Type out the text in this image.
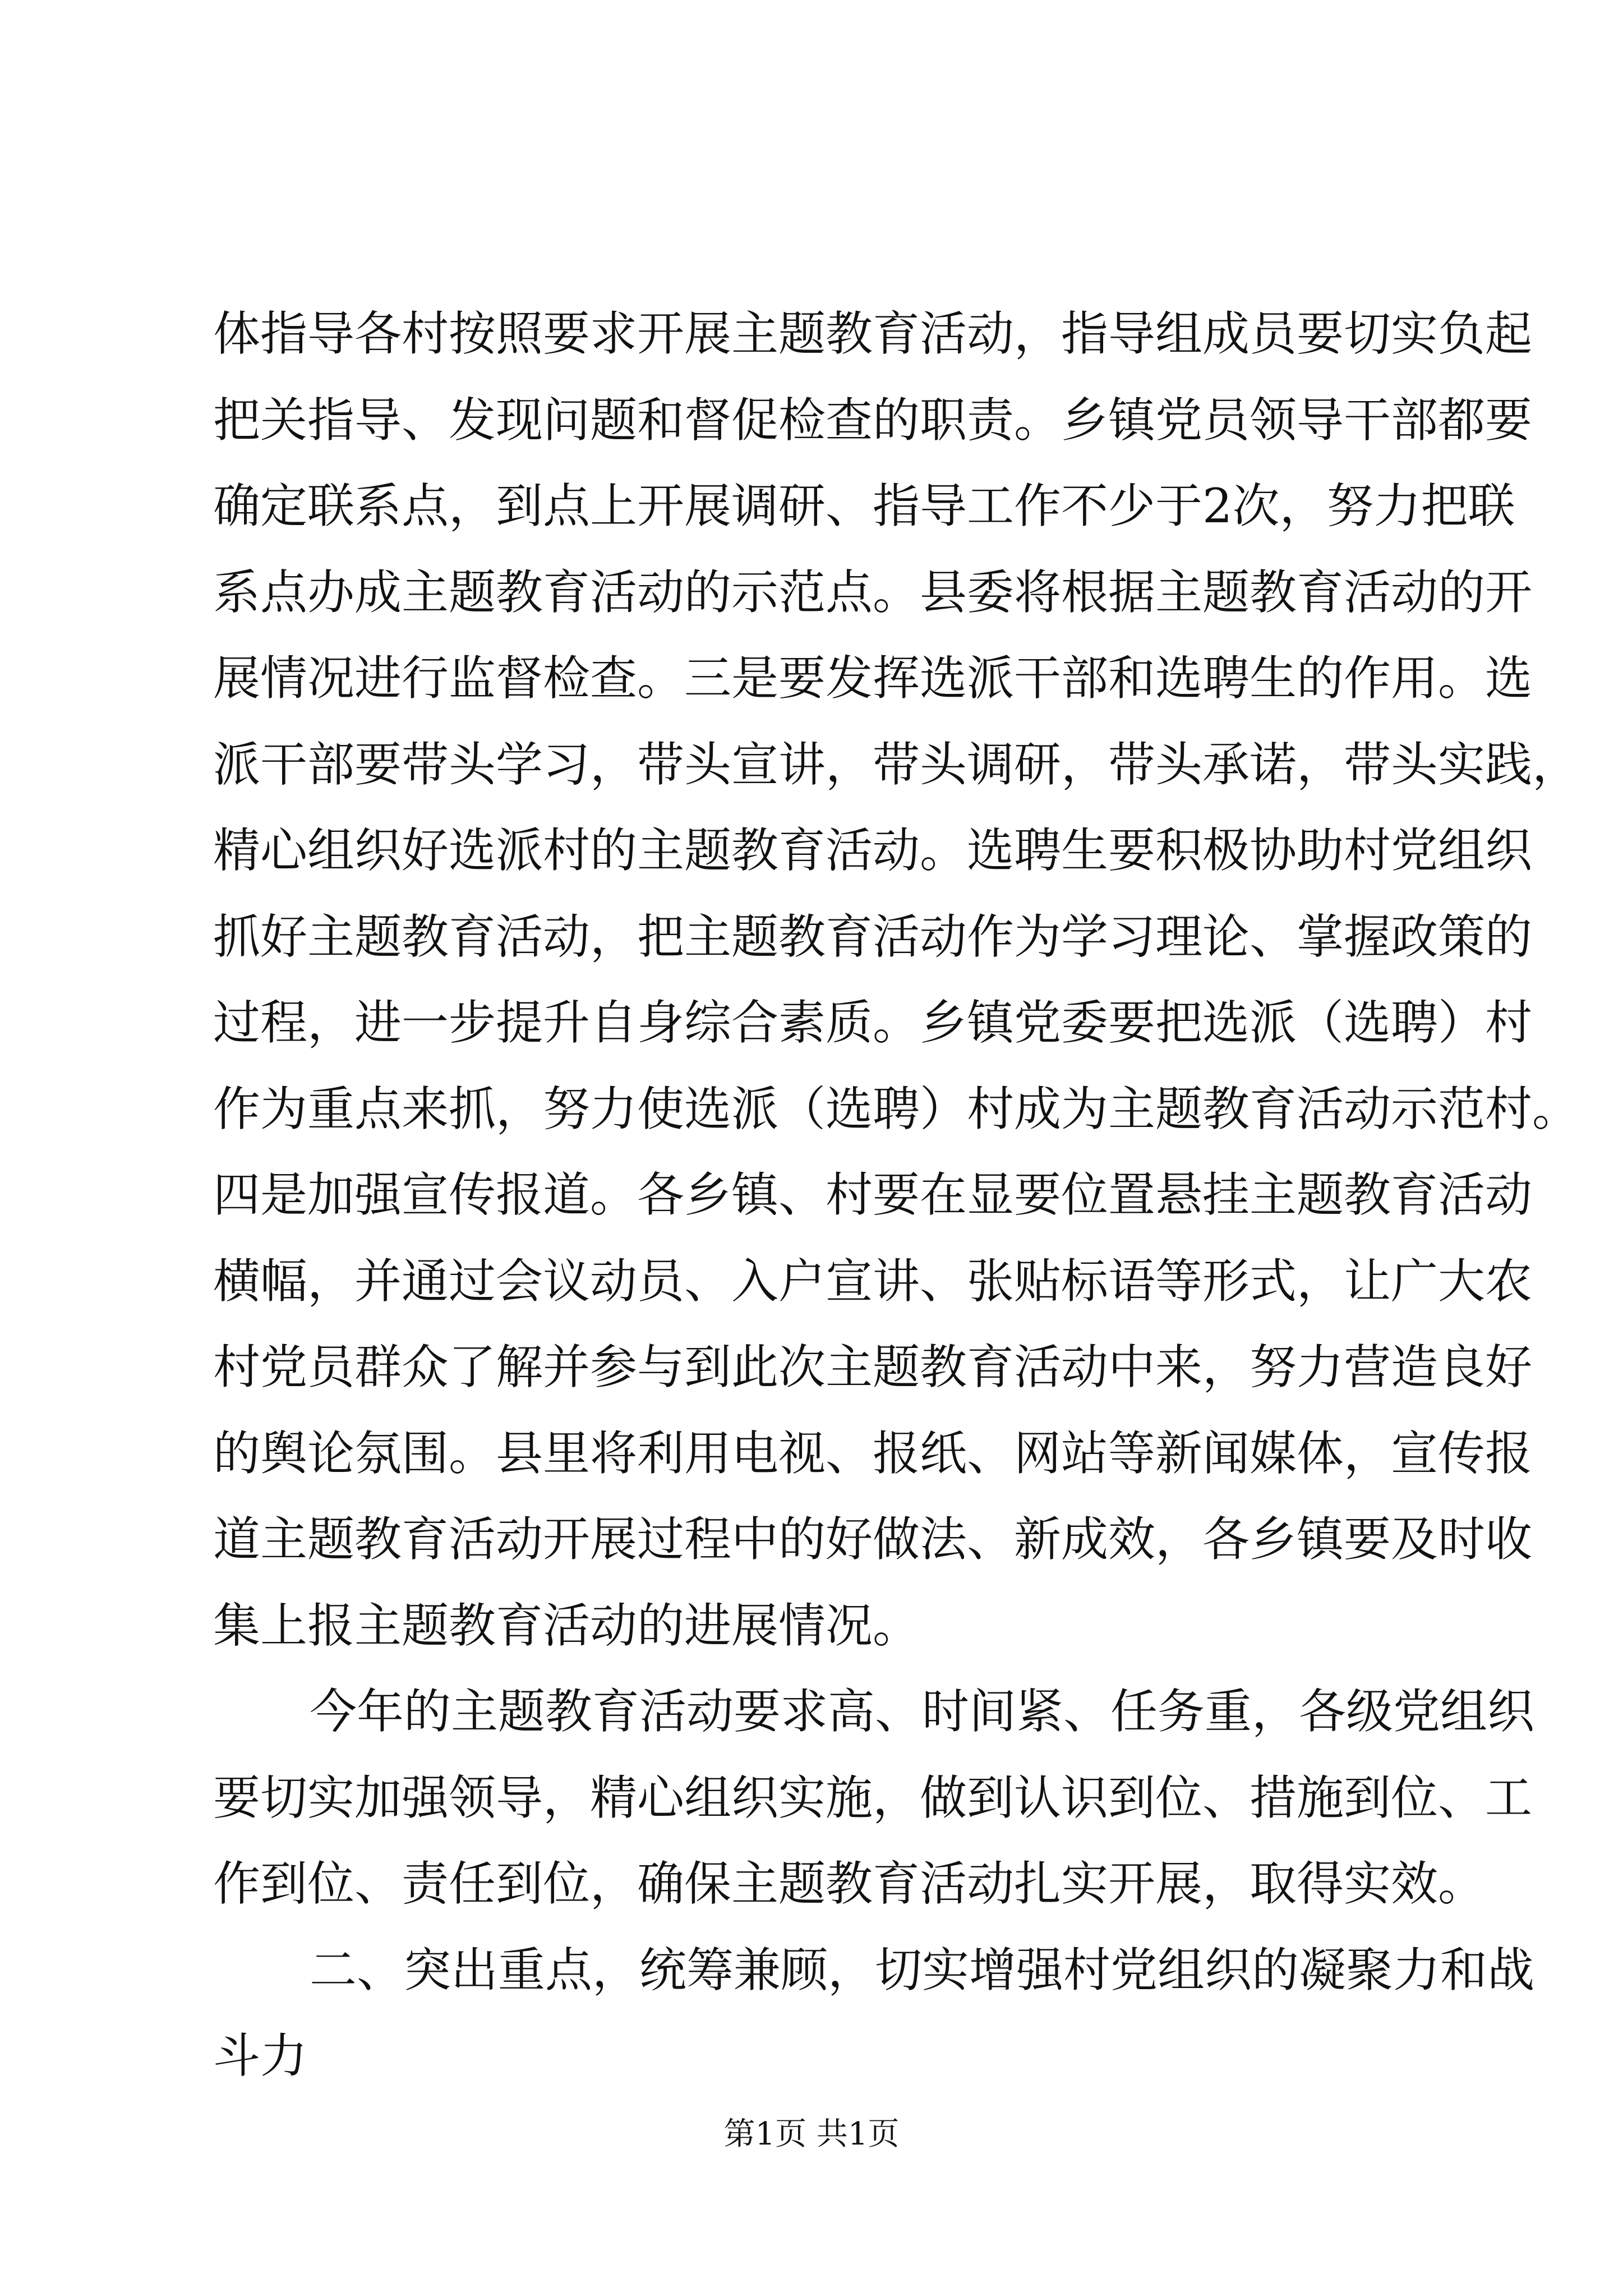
体指导各村按照要求开展主题教育活动，指导组成员要切实负起
把关指导、发现问题和督促检查的职责。乡镇党员领导干部都要
确定联系点，到点上开展调研、指导工作不少于2次，努力把联
系点办成主题教育活动的示范点。县委将根据主题教育活动的开
展情况进行监督检查。三是要发挥选派干部和选聘生的作用。选
派干部要带头学习，带头宣讲，带头调研，带头承诺，带头实践，
精心组织好选派村的主题教育活动。选聘生要积极协助村党组织
抓好主题教育活动，把主题教育活动作为学习理论、掌握政策的
过程，进一步提升自身综合素质。乡镇党委要把选派（选聘）村
作为重点来抓，努力使选派（选聘）村成为主题教育活动示范村。
四是加强宣传报道。各乡镇、村要在显要位置悬挂主题教育活动
横幅，并通过会议动员、入户宣讲、张贴标语等形式，让广大农
村党员群众了解并参与到此次主题教育活动中来，努力营造良好
的舆论氛围。县里将利用电视、报纸、网站等新闻媒体，宣传报
道主题教育活动开展过程中的好做法、新成效，各乡镇要及时收
集上报主题教育活动的进展情况。
今年的主题教育活动要求高、时间紧、任务重，各级党组织
要切实加强领导，精心组织实施，做到认识到位、措施到位、工
作到位、责任到位，确保主题教育活动扎实开展，取得实效。
二、突出重点，统筹兼顾，切实增强村党组织的凝聚力和战
斗力
第1页 共1页
